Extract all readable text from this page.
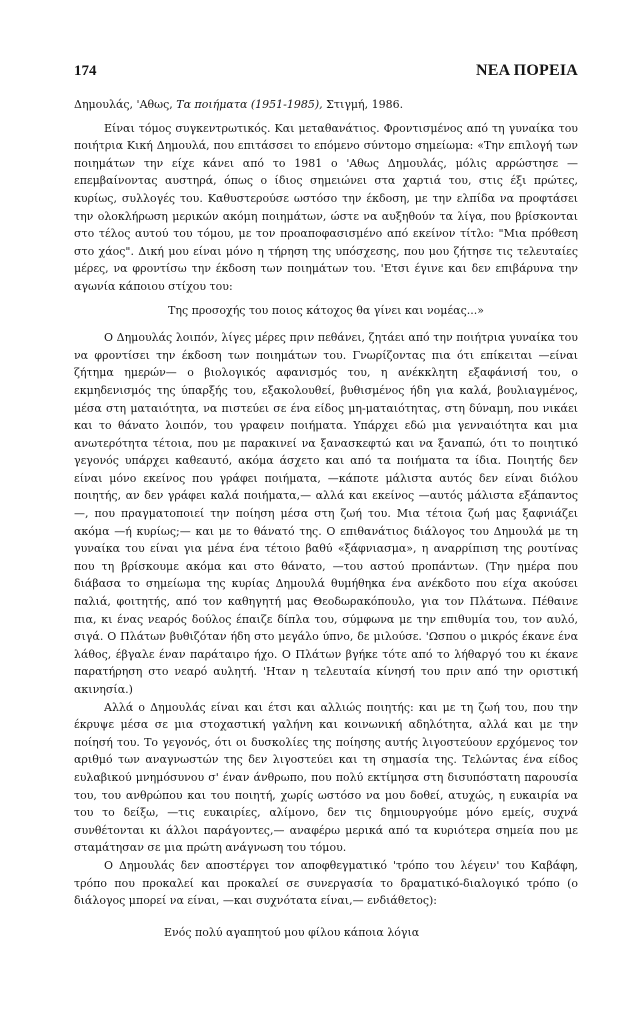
174	ΝΕΑ ΠΟΡΕΙΑ

Δημουλάς, 'Αθως, Τα ποιήματα (1951-1985), Στιγμή, 1986.

Είναι τόμος συγκεντρωτικός. Και μεταθανάτιος. Φροντισμένος από τη γυναίκα του ποιήτρια Κική Δημουλά, που επιτάσσει το επόμενο σύντομο σημείωμα: «Την επιλογή των ποιημάτων την είχε κάνει από το 1981 ο 'Αθως Δημουλάς, μόλις αρρώστησε —επεμβαίνοντας αυστηρά, όπως ο ίδιος σημειώνει στα χαρτιά του, στις έξι πρώτες, κυρίως, συλλογές του. Καθυστερούσε ωστόσο την έκδοση, με την ελπίδα να προφτάσει την ολοκλήρωση μερικών ακόμη ποιημάτων, ώστε να αυξηθούν τα λίγα, που βρίσκονται στο τέλος αυτού του τόμου, με τον προαποφασισμένο από εκείνον τίτλο: "Μια πρόθεση στο χάος". Δική μου είναι μόνο η τήρηση της υπόσχεσης, που μου ζήτησε τις τελευταίες μέρες, να φροντίσω την έκδοση των ποιημάτων του. 'Ετσι έγινε και δεν επιβάρυνα την αγωνία κάποιου στίχου του:

Της προσοχής του ποιος κάτοχος θα γίνει και νομέας...»

Ο Δημουλάς λοιπόν, λίγες μέρες πριν πεθάνει, ζητάει από την ποιήτρια γυναίκα του να φροντίσει την έκδοση των ποιημάτων του. Γνωρίζοντας πια ότι επίκειται —είναι ζήτημα ημερών— ο βιολογικός αφανισμός του, η ανέκκλητη εξαφάνισή του, ο εκμηδενισμός της ύπαρξής του, εξακολουθεί, βυθισμένος ήδη για καλά, βουλιαγμένος, μέσα στη ματαιότητα, να πιστεύει σε ένα είδος μη-ματαιότητας, στη δύναμη, που νικάει και το θάνατο λοιπόν, του γραφειν ποιήματα. Υπάρχει εδώ μια γενναιότητα και μια ανωτερότητα τέτοια, που με παρακινεί να ξανασκεφτώ και να ξαναπώ, ότι το ποιητικό γεγονός υπάρχει καθεαυτό, ακόμα άσχετο και από τα ποιήματα τα ίδια. Ποιητής δεν είναι μόνο εκείνος που γράφει ποιήματα, —κάποτε μάλιστα αυτός δεν είναι διόλου ποιητής, αν δεν γράφει καλά ποιήματα,— αλλά και εκείνος —αυτός μάλιστα εξάπαντος—, που πραγματοποιεί την ποίηση μέσα στη ζωή του. Μια τέτοια ζωή μας ξαφνιάζει ακόμα —ή κυρίως;— και με το θάνατό της. Ο επιθανάτιος διάλογος του Δημουλά με τη γυναίκα του είναι για μένα ένα τέτοιο βαθύ «ξάφνιασμα», η αναρρίπιση της ρουτίνας που τη βρίσκουμε ακόμα και στο θάνατο, —του αστού προπάντων. (Την ημέρα που διάβασα το σημείωμα της κυρίας Δημουλά θυμήθηκα ένα ανέκδοτο που είχα ακούσει παλιά, φοιτητής, από τον καθηγητή μας Θεοδωρακόπουλο, για τον Πλάτωνα. Πέθαινε πια, κι ένας νεαρός δούλος έπαιζε δίπλα του, σύμφωνα με την επιθυμία του, τον αυλό, σιγά. Ο Πλάτων βυθιζόταν ήδη στο μεγάλο ύπνο, δε μιλούσε. 'Ωσπου ο μικρός έκανε ένα λάθος, έβγαλε έναν παράταιρο ήχο. Ο Πλάτων βγήκε τότε από το λήθαργό του κι έκανε παρατήρηση στο νεαρό αυλητή. 'Ηταν η τελευταία κίνησή του πριν από την οριστική ακινησία.)

Αλλά ο Δημουλάς είναι και έτσι και αλλιώς ποιητής: και με τη ζωή του, που την έκρυψε μέσα σε μια στοχαστική γαλήνη και κοινωνική αδηλότητα, αλλά και με την ποίησή του. Το γεγονός, ότι οι δυσκολίες της ποίησης αυτής λιγοστεύουν ερχόμενος τον αριθμό των αναγνωστών της δεν λιγοστεύει και τη σημασία της. Τελώντας ένα είδος ευλαβικού μνημόσυνου σ' έναν άνθρωπο, που πολύ εκτίμησα στη δισυπόστατη παρουσία του, του ανθρώπου και του ποιητή, χωρίς ωστόσο να μου δοθεί, ατυχώς, η ευκαιρία να του το δείξω, —τις ευκαιρίες, αλίμονο, δεν τις δημιουργούμε μόνο εμείς, συχνά συνθέτονται κι άλλοι παράγοντες,— αναφέρω μερικά από τα κυριότερα σημεία που με σταμάτησαν σε μια πρώτη ανάγνωση του τόμου.

Ο Δημουλάς δεν αποστέργει τον αποφθεγματικό 'τρόπο του λέγειν' του Καβάφη, τρόπο που προκαλεί και προκαλεί σε συνεργασία το δραματικό-διαλογικό τρόπο (ο διάλογος μπορεί να είναι, —και συχνότατα είναι,— ενδιάθετος):

Ενός πολύ αγαπητού μου φίλου κάποια λόγια
